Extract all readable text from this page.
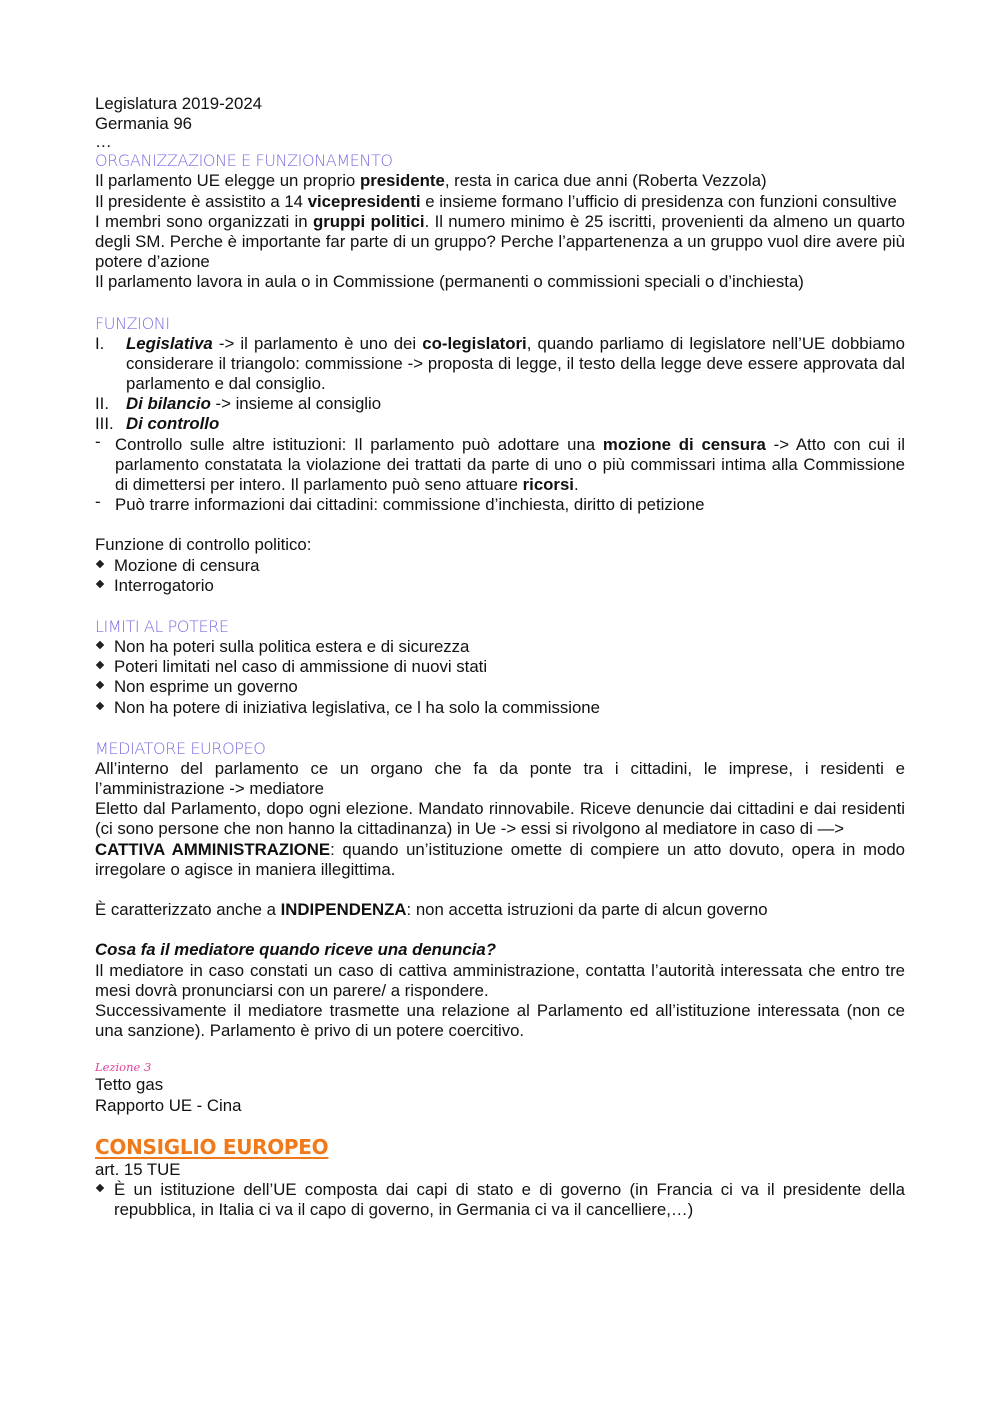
Legislatura 2019-2024

Germania 96

…

ORGANIZZAZIONE E FUNZIONAMENTO

Il parlamento UE elegge un proprio presidente, resta in carica due anni (Roberta Vezzola)

Il presidente è assistito a 14 vicepresidenti e insieme formano l’ufficio di presidenza con funzioni consultive

I membri sono organizzati in gruppi politici. Il numero minimo è 25 iscritti, provenienti da almeno un quarto degli SM. Perche è importante far parte di un gruppo? Perche l’appartenenza a un gruppo vuol dire avere più potere d’azione

Il parlamento lavora in aula o in Commissione (permanenti o commissioni speciali o d’inchiesta)

FUNZIONI
I. Legislativa -> il parlamento è uno dei co-legislatori, quando parliamo di legislatore nell’UE dobbiamo considerare il triangolo: commissione -> proposta di legge, il testo della legge deve essere approvata dal parlamento e dal consiglio.
II. Di bilancio -> insieme al consiglio
III. Di controllo
- Controllo sulle altre istituzioni: Il parlamento può adottare una mozione di censura -> Atto con cui il parlamento constatata la violazione dei trattati da parte di uno o più commissari intima alla Commissione di dimettersi per intero. Il parlamento può seno attuare ricorsi.
- Può trarre informazioni dai cittadini: commissione d’inchiesta, diritto di petizione

Funzione di controllo politico:

Mozione di censura
Interrogatorio
LIMITI AL POTERE
Non ha poteri sulla politica estera e di sicurezza
Poteri limitati nel caso di ammissione di nuovi stati
Non esprime un governo
Non ha potere di iniziativa legislativa, ce l ha solo la commissione
MEDIATORE EUROPEO

All’interno del parlamento ce un organo che fa da ponte tra i cittadini, le imprese, i residenti e l’amministrazione -> mediatore

Eletto dal Parlamento, dopo ogni elezione. Mandato rinnovabile. Riceve denuncie dai cittadini e dai residenti (ci sono persone che non hanno la cittadinanza) in Ue -> essi si rivolgono al mediatore in caso di —>

CATTIVA AMMINISTRAZIONE: quando un’istituzione omette di compiere un atto dovuto, opera in modo irregolare o agisce in maniera illegittima.

È caratterizzato anche a INDIPENDENZA: non accetta istruzioni da parte di alcun governo

Cosa fa il mediatore quando riceve una denuncia?

Il mediatore in caso constati un caso di cattiva amministrazione, contatta l’autorità interessata che entro tre mesi dovrà pronunciarsi con un parere/ a rispondere.

Successivamente il mediatore trasmette una relazione al Parlamento ed all’istituzione interessata (non ce una sanzione). Parlamento è privo di un potere coercitivo.

Lezione 3

Tetto gas

Rapporto UE - Cina

CONSIGLIO EUROPEO

art. 15 TUE

È un istituzione dell’UE composta dai capi di stato e di governo (in Francia ci va il presidente della repubblica, in Italia ci va il capo di governo, in Germania ci va il cancelliere,…)
